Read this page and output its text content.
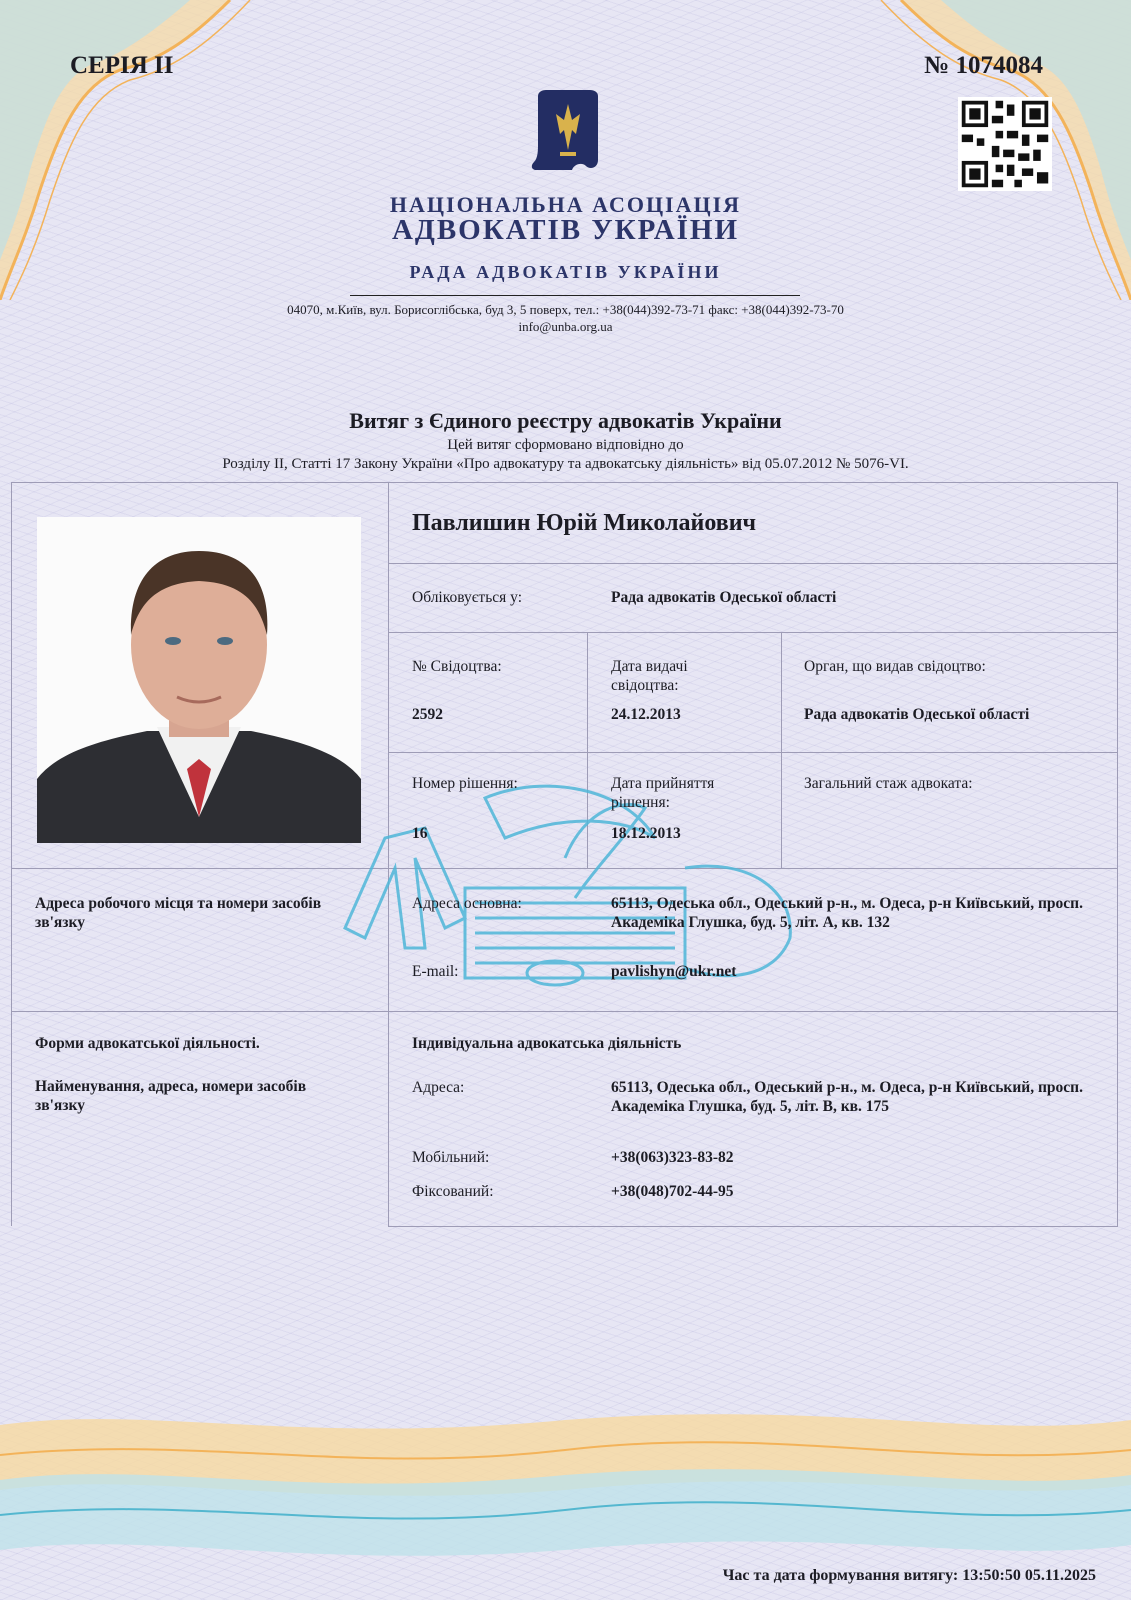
СЕРІЯ ІІ	№ 1074084
НАЦІОНАЛЬНА АСОЦІАЦІЯ
АДВОКАТІВ УКРАЇНИ
РАДА АДВОКАТІВ УКРАЇНИ
04070, м.Київ, вул. Борисоглібська, буд 3, 5 поверх, тел.: +38(044)392-73-71 факс: +38(044)392-73-70
info@unba.org.ua
Витяг з Єдиного реєстру адвокатів України
Цей витяг сформовано відповідно до
Розділу ІІ, Статті 17 Закону України «Про адвокатуру та адвокатську діяльність» від 05.07.2012 № 5076-VI.
Павлишин Юрій Миколайович
Обліковується у:	Рада адвокатів Одеської області
№ Свідоцтва:
2592
Дата видачі свідоцтва:
24.12.2013
Орган, що видав свідоцтво:
Рада адвокатів Одеської області
Номер рішення:
16
Дата прийняття рішення:
18.12.2013
Загальний стаж адвоката:
Адреса робочого місця та номери засобів зв'язку
Адреса основна:	65113, Одеська обл., Одеський р-н., м. Одеса, р-н Київський, просп. Академіка Глушка, буд. 5, літ. А, кв. 132
E-mail:	pavlishyn@ukr.net
Форми адвокатської діяльності.
Найменування, адреса, номери засобів зв'язку
Індивідуальна адвокатська діяльність
Адреса:	65113, Одеська обл., Одеський р-н., м. Одеса, р-н Київський, просп. Академіка Глушка, буд. 5, літ. В, кв. 175
Мобільний:	+38(063)323-83-82
Фіксований:	+38(048)702-44-95
Час та дата формування витягу: 13:50:50 05.11.2025
